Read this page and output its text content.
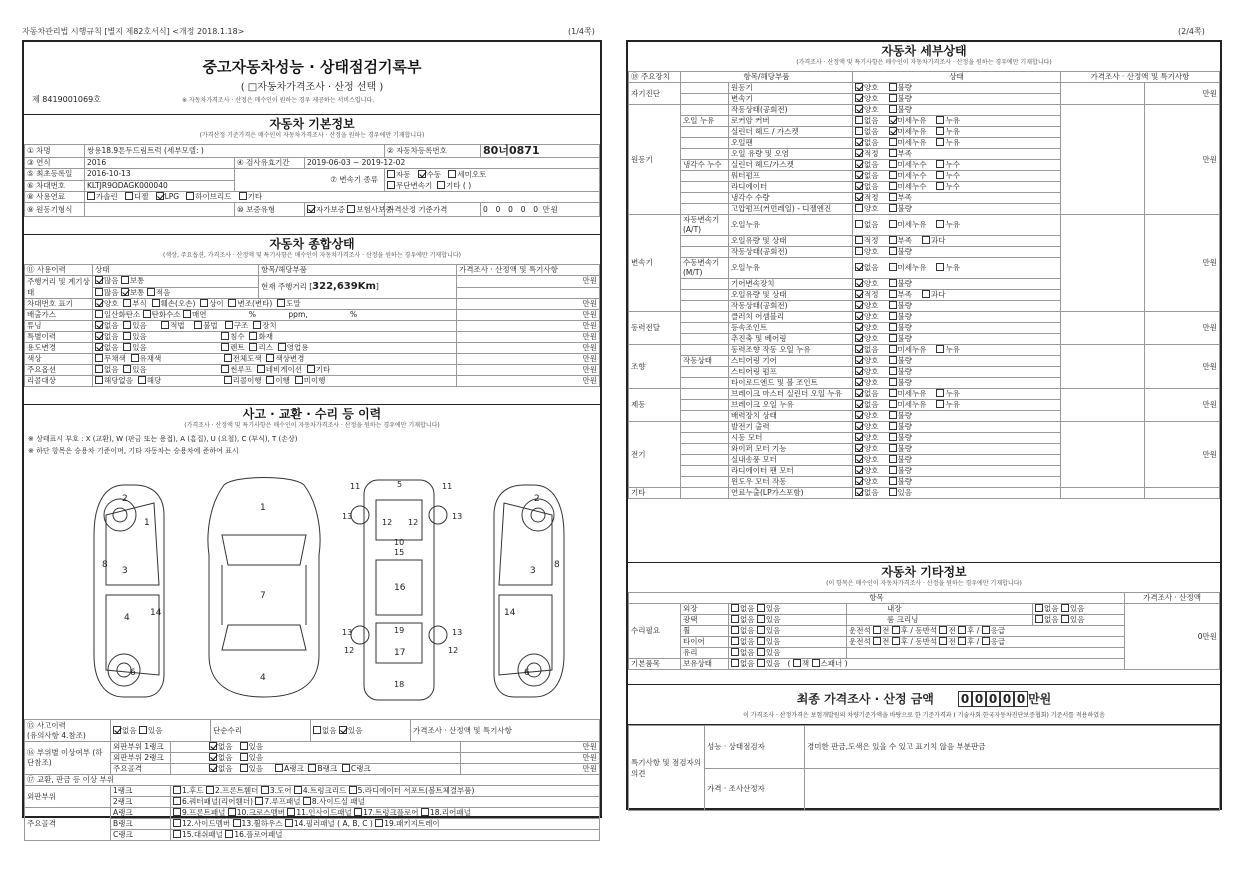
자동차관리법 시행규칙 [별지 제82호서식] <개정 2018.1.18>	(1/4쪽)
중고자동차성능 · 상태점검기록부
( □자동차가격조사 · 산정 선택 )
제 8419001069호	※ 자동차가격조사 · 산정은 매수인이 원하는 경우 제공하는 서비스입니다.
자동차 기본정보
(가격산정 기준가격은 매수인이 자동차가격조사 · 산정을 원하는 경우에만 기재합니다)
① 차명	쌍용18.9톤두드림트럭 (세부모델: )			② 자동차등록번호	80너0871
③ 연식	2016	④ 검사유효기간	2019-06-03 ~ 2019-12-02		
⑤ 최초등록일	2016-10-13	⑦ 변속기 종류		자동 수동 세미오토
무단변속기 기타 ( )	
⑥ 차대번호	KLTJR9ODAGK000040				
⑧ 사용연료	가솔린 디젤 LPG 하이브리드 기타				
⑨ 원동기형식		⑩ 보증유형	자가보증 보험사보증	가격산정 기준가격	0 0 0 0 0 만원
자동차 종합상태
(색상, 주요옵션, 가격조사 · 산정액 및 특기사항은 매수인이 자동차가격조사 · 산정을 원하는 경우에만 기재합니다)
⑪ 사용이력	상태	항목/해당부품	가격조사 · 산정액 및 특기사항
주행거리 및 계기상태	많음 보통	현재 주행거리 [322,639Km]	만원
	많음 보통 적음		
차대번호 표기	양호 부식 훼손(오손) 상이 변조(변타) 도말		만원
배출가스	일산화탄소 탄화수소 매연 % ppm, %		만원
튜닝	없음 있음 적법 불법 구조 장치		만원
특별이력	없음 있음 침수 화재		만원
용도변경	없음 있음 렌트 리스 영업용		만원
색상	무채색 유채색 전체도색 색상변경		만원
주요옵션	없음 있음 썬루프 네비게이션 기타		만원
리콜대상	해당없음 해당 리콜이행 이행 미이행		만원
사고 · 교환 · 수리 등 이력
(가격조사 · 산정액 및 특기사항은 매수인이 자동차가격조사 · 산정을 원하는 경우에만 기재합니다)
※ 상태표시 부호 : X (교환), W (판금 또는 용접), A (흠집), U (요철), C (부식), T (손상)
※ 하단 항목은 승용차 기준이며, 기타 자동차는 승용차에 준하여 표시
2
1
8
3
14
4
6
1
7
4
11	5	11
13
12 12
13
10
15
16
13	19	13
12	17	12
18
2
8
3
14
6
⑮ 사고이력
(유의사항 4.참조)	없음 있음		단순수리	없음 있음	가격조사 · 산정액 및 특기사항	
⑯ 부위별 이상여부 (하단참조)	외판부위 1랭크	없음 있음				만원
	외판부위 2랭크	없음 있음				만원
	주요골격	없음 있음 A랭크 B랭크 C랭크				만원
⑰ 교환, 판금 등 이상 부위						
외판부위	1랭크	1.후드 2.프론트휀더 3.도어 4.트렁크리드 5.라디에이터 서포트(볼트체결부품)				
	2랭크	6.쿼터패널(리어휀더) 7.루프패널 8.사이드실 패널				
주요골격	A랭크	9.프론트패널 10.크로스멤버 11.인사이드패널 17.트렁크플로어 18.리어패널				
	B랭크	12.사이드멤버 13.휠하우스 14.필러패널 ( A, B, C ) 19.패키지트레이				
	C랭크	15.대쉬패널 16.플로어패널				
(2/4쪽)
자동차 세부상태
(가격조사 · 산정액 및 특기사항은 매수인이 자동차가격조사 · 산정을 원하는 경우에만 기재합니다)
⑱ 주요장치	항목/해당부품		상태	가격조사 · 산정액 및 특기사항	
자기진단		원동기	양호 불량		만원
		변속기	양호 불량		
원동기		작동상태(공회전)	양호 불량		만원
	오일 누유	로커암 커버	없음 미세누유 누유		
		실린더 헤드 / 가스켓	없음 미세누유 누유		
		오일팬	없음 미세누유 누유		
		오일 유량 및 오염	적정 부족		
	냉각수 누수	실린더 헤드/가스켓	없음 미세누수 누수		
		워터펌프	없음 미세누수 누수		
		라디에이터	없음 미세누수 누수		
		냉각수 수량	적정 부족		
		고압펌프(커먼레일) - 디젤엔진	양호 불량		
변속기	자동변속기 (A/T)	오일누유	없음 미세누유 누유		만원
		오일유량 및 상태	적정 부족 과다		
		작동상태(공회전)	양호 불량		
	수동변속기 (M/T)	오일누유	없음 미세누유 누유		
		기어변속장치	양호 불량		
		오일유량 및 상태	적정 부족 과다		
		작동상태(공회전)	양호 불량		
동력전달		클러치 어셈블리	양호 불량		만원
		등속조인트	양호 불량		
		추진축 및 베어링	양호 불량		
조향		동력조향 작동 오일 누유	없음 미세누유 누유		만원
	작동상태	스티어링 기어	양호 불량		
		스티어링 펌프	양호 불량		
		타이로드엔드 및 볼 조인트	양호 불량		
제동		브레이크 마스터 실린더 오일 누유	없음 미세누유 누유		만원
		브레이크 오일 누유	없음 미세누유 누유		
		배력장치 상태	양호 불량		
전기		발전기 출력	양호 불량		만원
		시동 모터	양호 불량		
		와이퍼 모터 기능	양호 불량		
		실내송풍 모터	양호 불량		
		라디에이터 팬 모터	양호 불량		
		윈도우 모터 작동	양호 불량		
기타		연료누출(LP가스포함)	없음 있음		
자동차 기타정보
(이 항목은 매수인이 자동차가격조사 · 산정을 원하는 경우에만 기재합니다)
항목					가격조사 · 산정액
수리필요	외장	없음 있음	내장	없음 있음	0만원
	광택	없음 있음	룸 크리닝	없음 있음	
	휠	없음 있음	운전석 전 후 / 동반석 전 후 / 응급		
	타이어	없음 있음	운전석 전 후 / 동반석 전 후 / 응급		
	유리	없음 있음			
기본품목	보유상태	없음 있음   ( 잭 스패너 )			
최종 가격조사 · 산정 금액 0 0 0 0 0 만원
이 가격조사 · 산정가격은 보험개발원의 차량기준가액을 바탕으로 한 기준가격과 ( 기술사회 한국자동차진단보증협회) 기준서를 적용하였음
특기사항 및 점검자의 의견	성능 · 상태점검자	경미한 판금,도색은 있을 수 있고 표기치 않음 부분판금
	가격 · 조사산정자	
